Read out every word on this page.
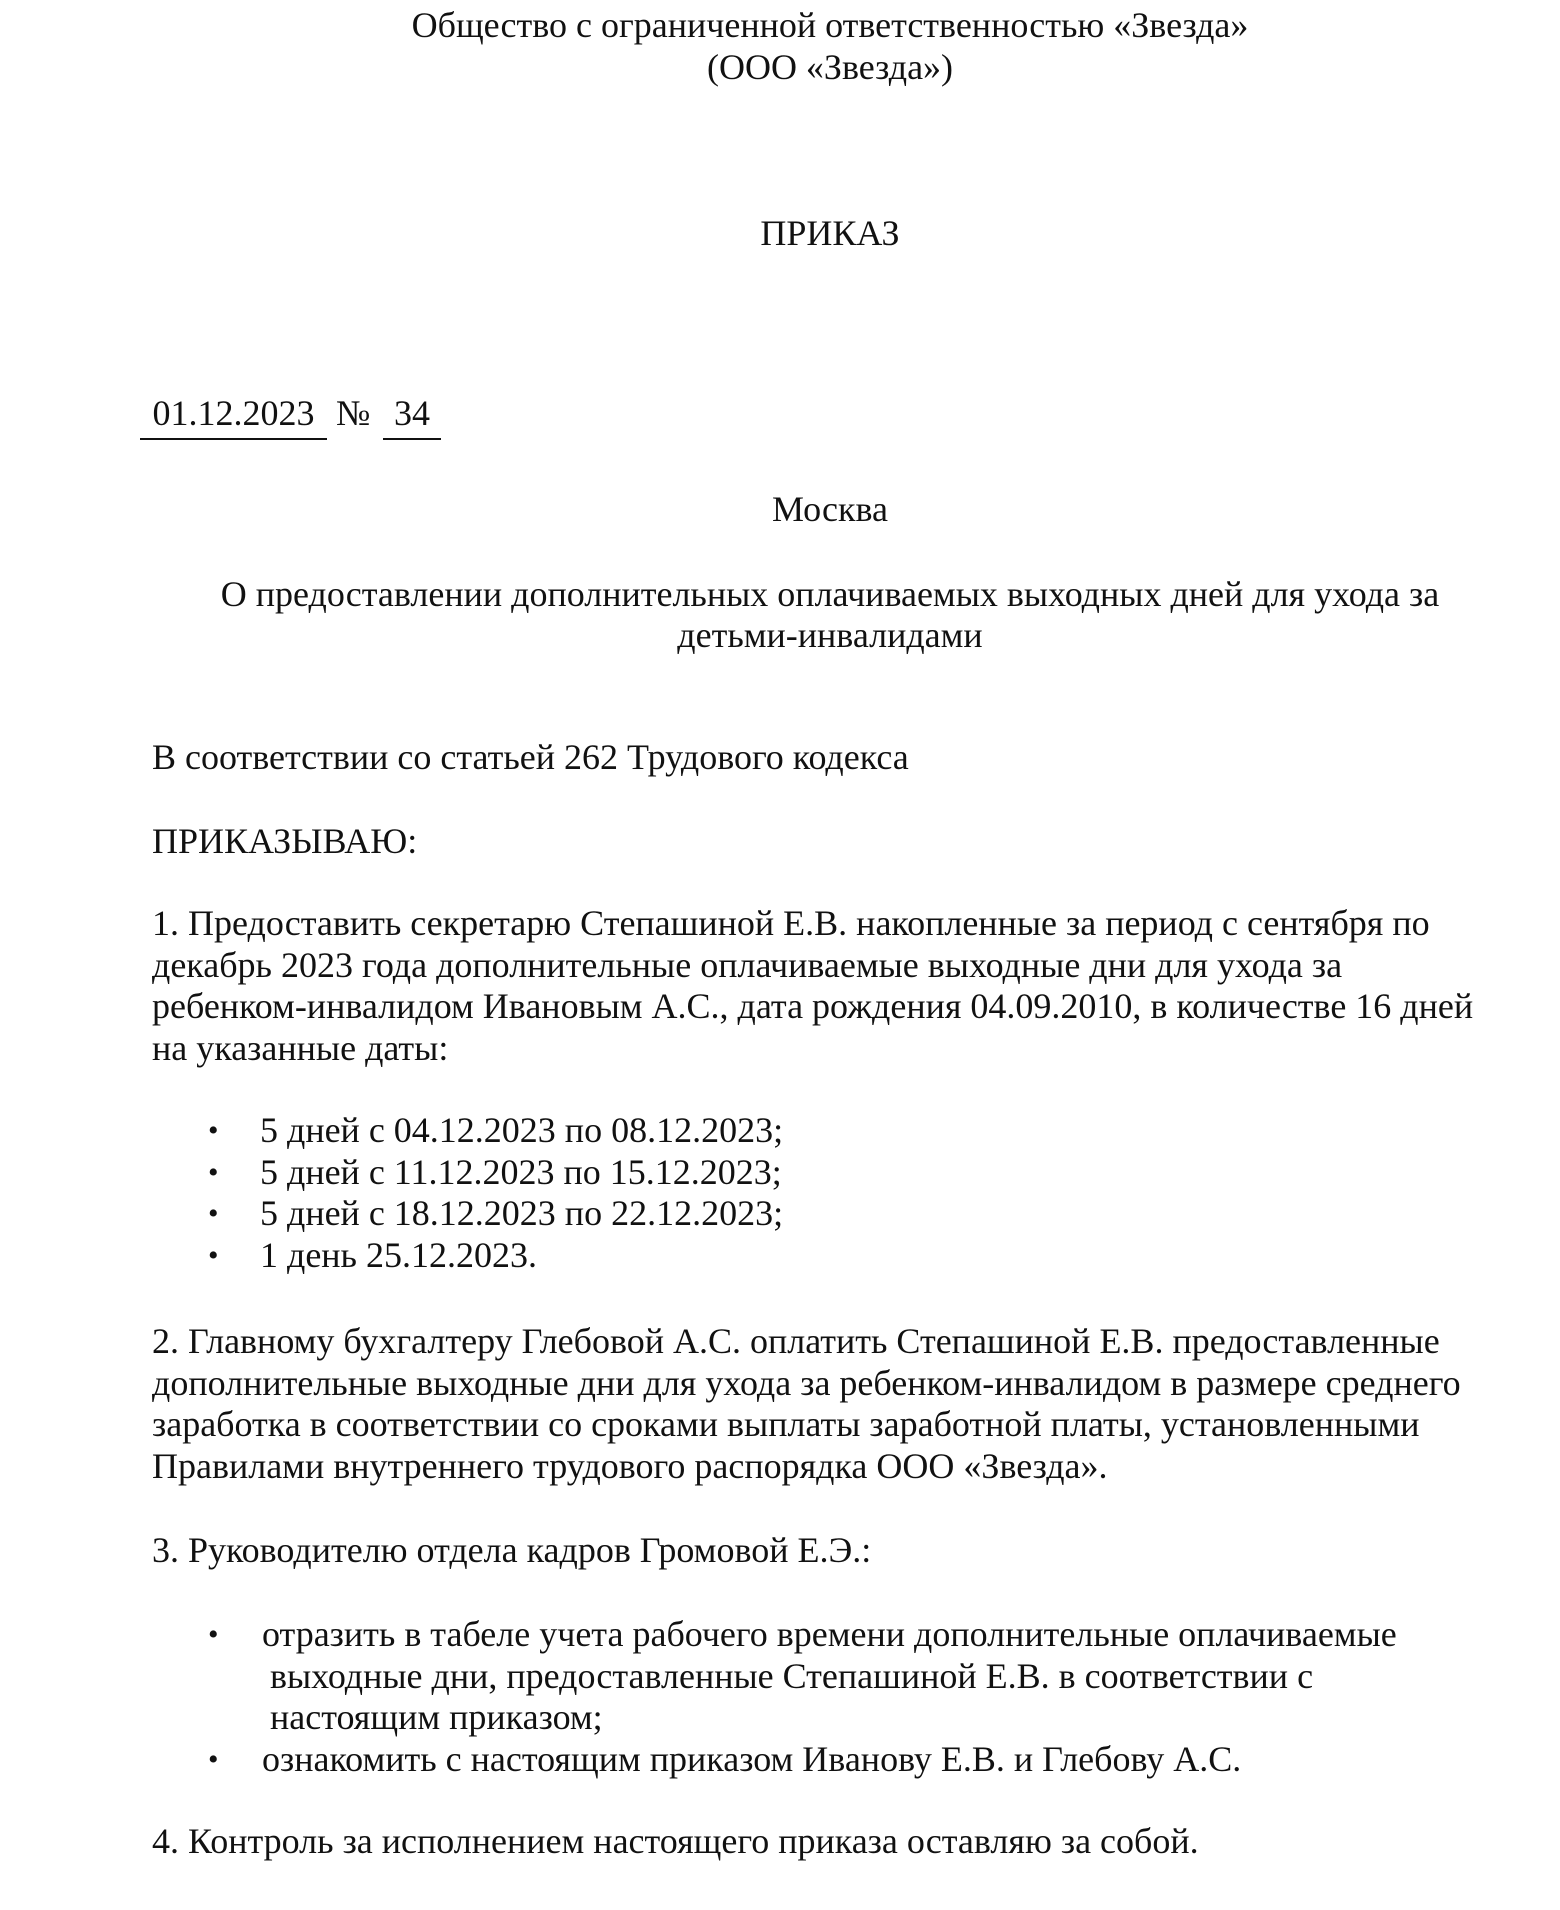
Общество с ограниченной ответственностью «Звезда»
(ООО «Звезда»)
ПРИКАЗ
01.12.2023 № 34
Москва
О предоставлении дополнительных оплачиваемых выходных дней для ухода за
детьми-инвалидами
В соответствии со статьей 262 Трудового кодекса
ПРИКАЗЫВАЮ:
1. Предоставить секретарю Степашиной Е.В. накопленные за период с сентября по
декабрь 2023 года дополнительные оплачиваемые выходные дни для ухода за
ребенком-инвалидом Ивановым А.С., дата рождения 04.09.2010, в количестве 16 дней
на указанные даты:
• 5 дней с 04.12.2023 по 08.12.2023;
• 5 дней с 11.12.2023 по 15.12.2023;
• 5 дней с 18.12.2023 по 22.12.2023;
• 1 день 25.12.2023.
2. Главному бухгалтеру Глебовой А.С. оплатить Степашиной Е.В. предоставленные
дополнительные выходные дни для ухода за ребенком-инвалидом в размере среднего
заработка в соответствии со сроками выплаты заработной платы, установленными
Правилами внутреннего трудового распорядка ООО «Звезда».
3. Руководителю отдела кадров Громовой Е.Э.:
• отразить в табеле учета рабочего времени дополнительные оплачиваемые
выходные дни, предоставленные Степашиной Е.В. в соответствии с
настоящим приказом;
• ознакомить с настоящим приказом Иванову Е.В. и Глебову А.С.
4. Контроль за исполнением настоящего приказа оставляю за собой.
